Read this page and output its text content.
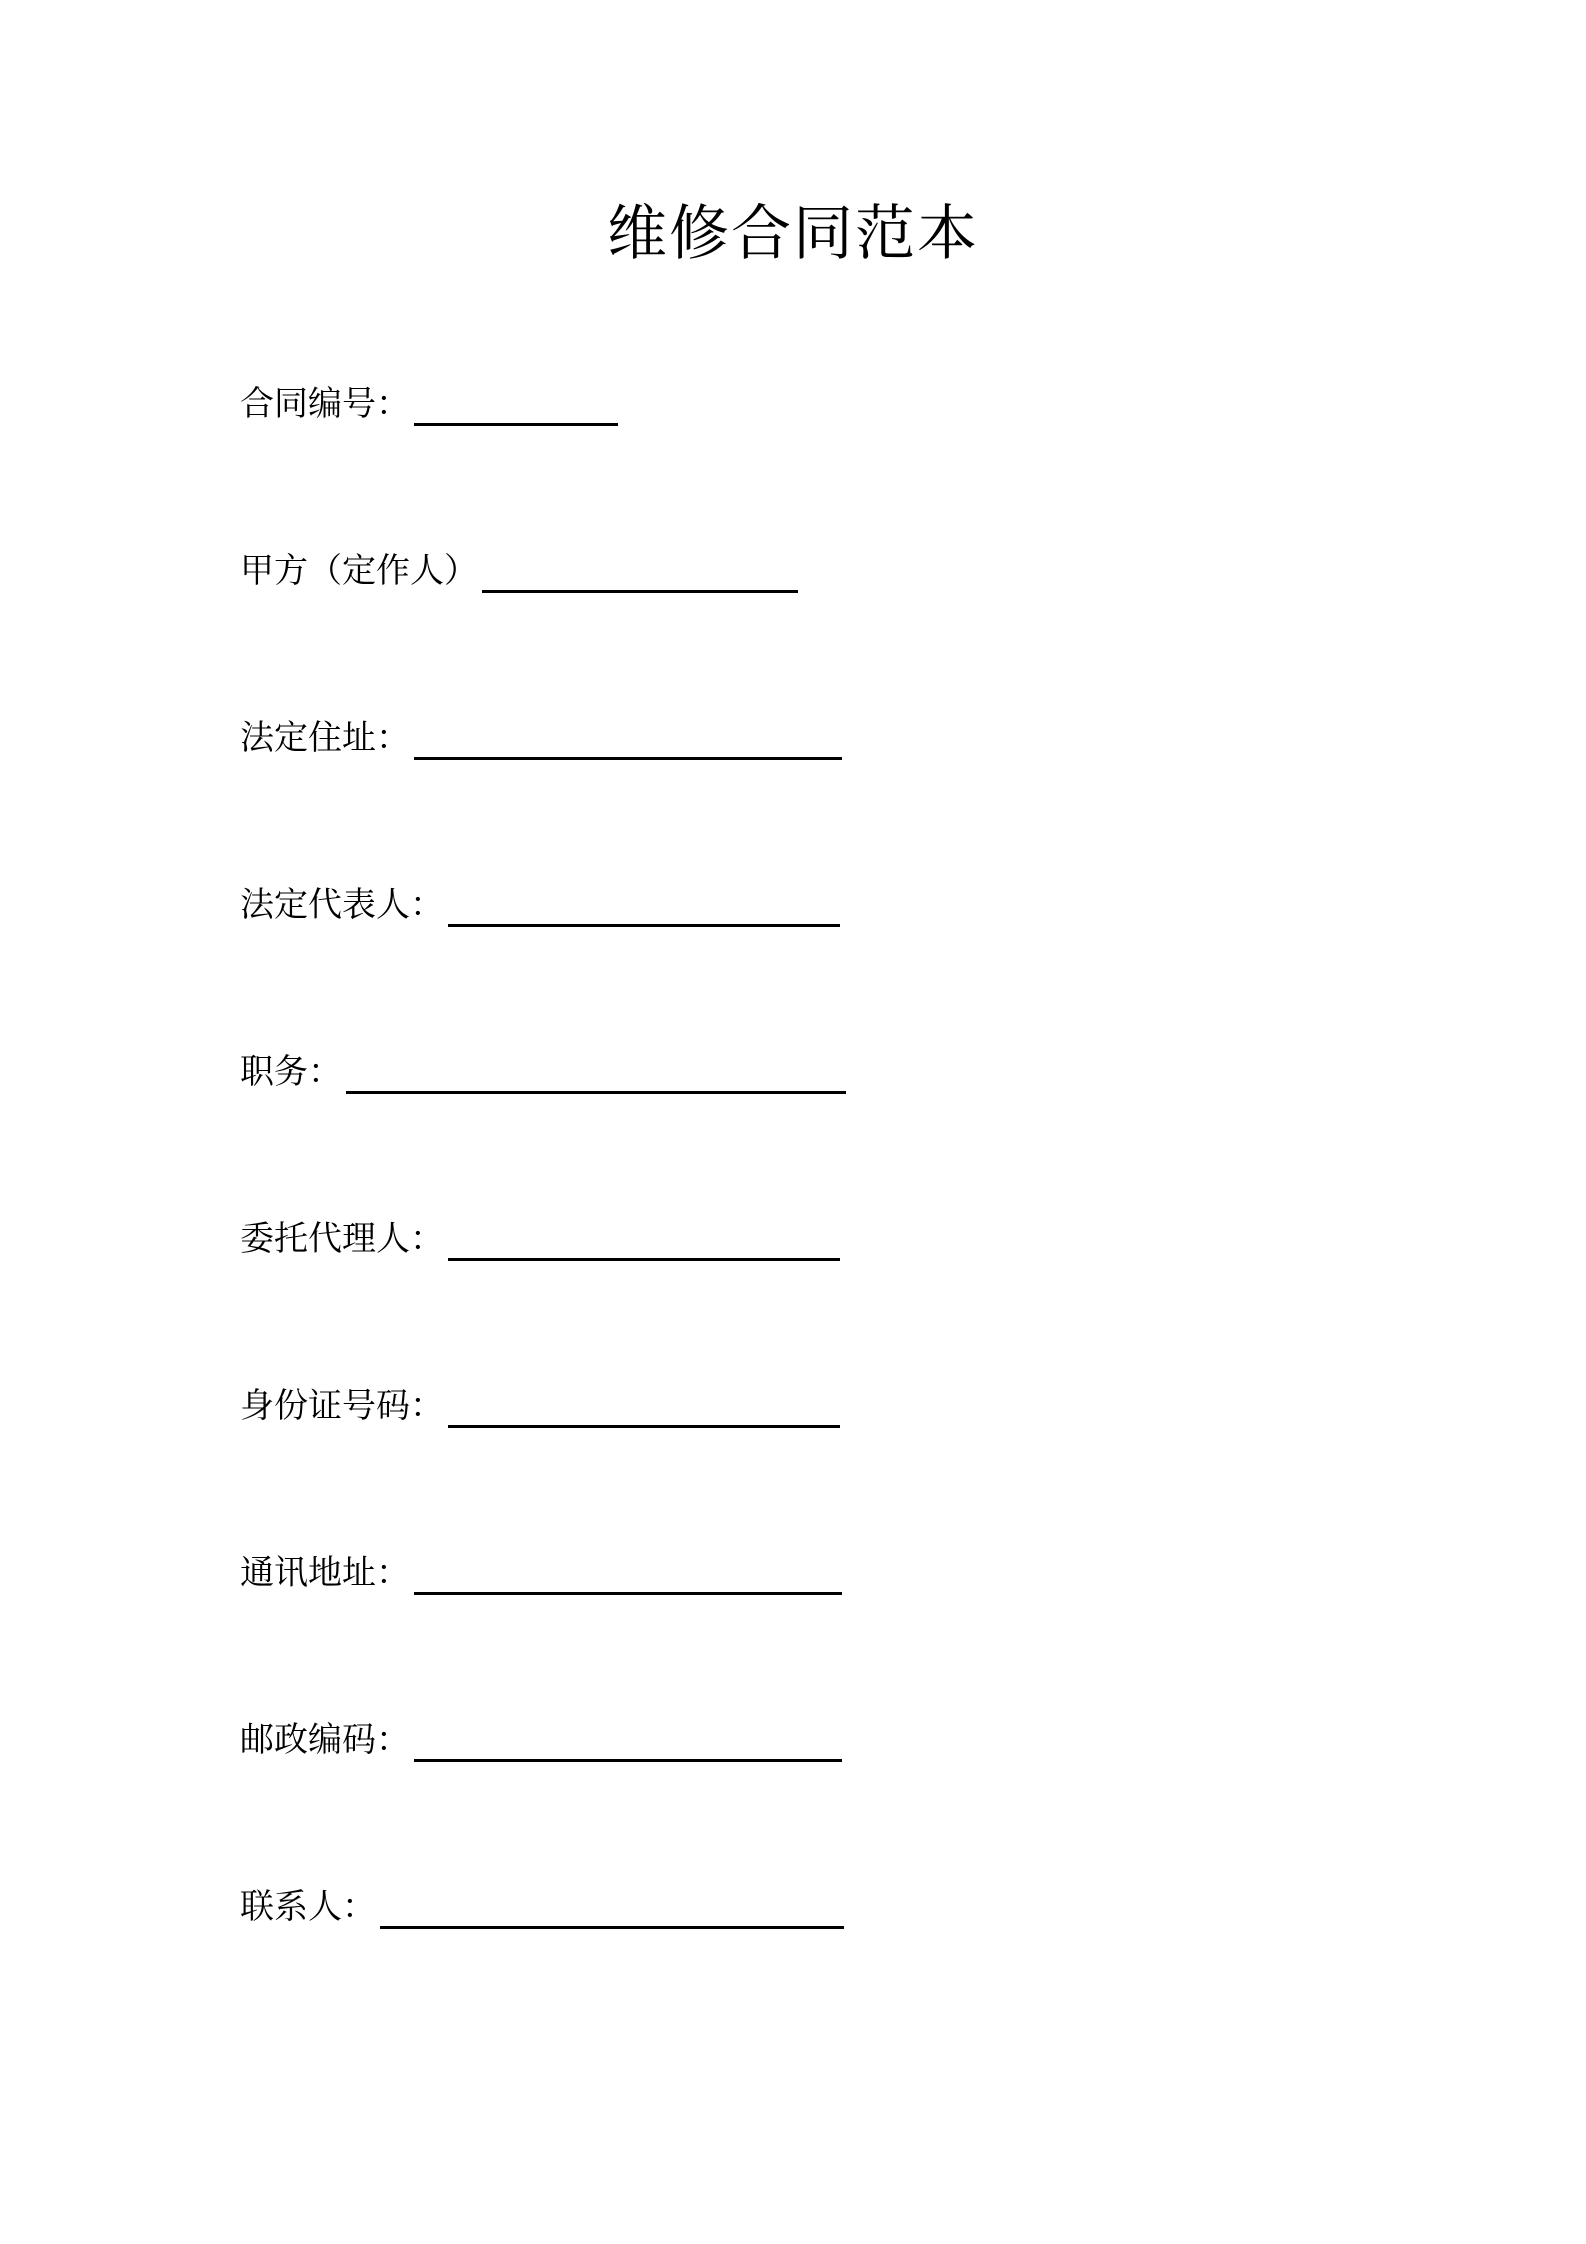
维修合同范本
合同编号：
甲方（定作人）
法定住址：
法定代表人：
职务：
委托代理人：
身份证号码：
通讯地址：
邮政编码：
联系人：
